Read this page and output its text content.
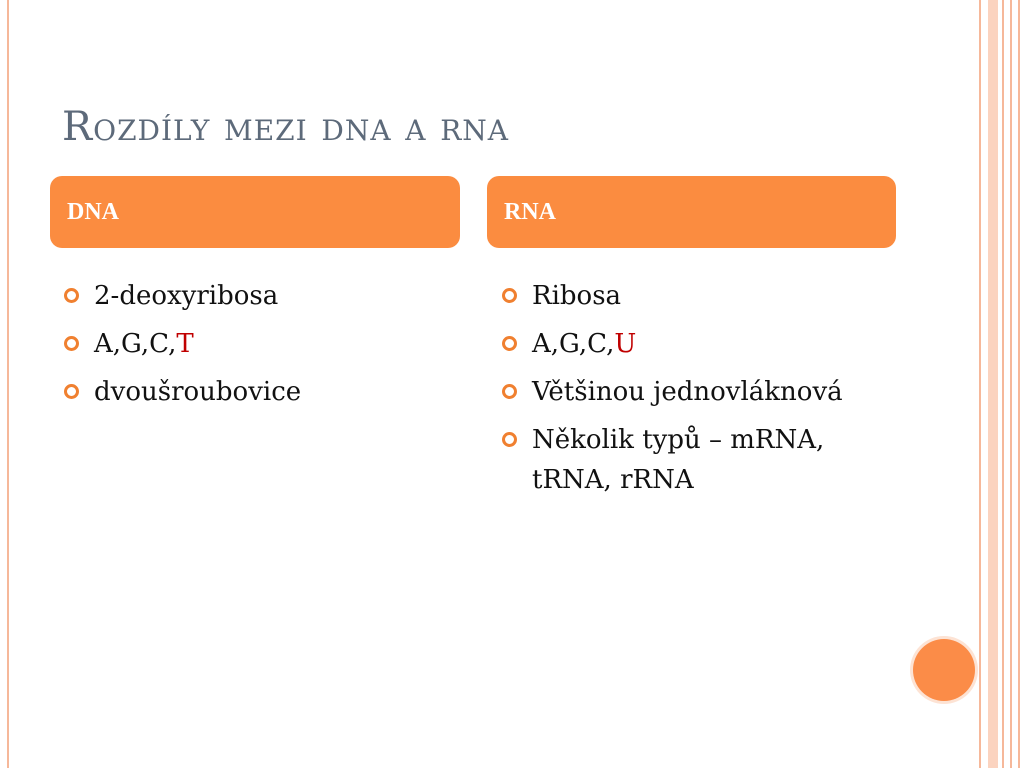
Rozdíly mezi dna a rna
DNA	RNA
2-deoxyribosa
A,G,C,T
dvoušroubovice
Ribosa
A,G,C,U
Většinou jednovláknová
Několik typů – mRNA, tRNA, rRNA
